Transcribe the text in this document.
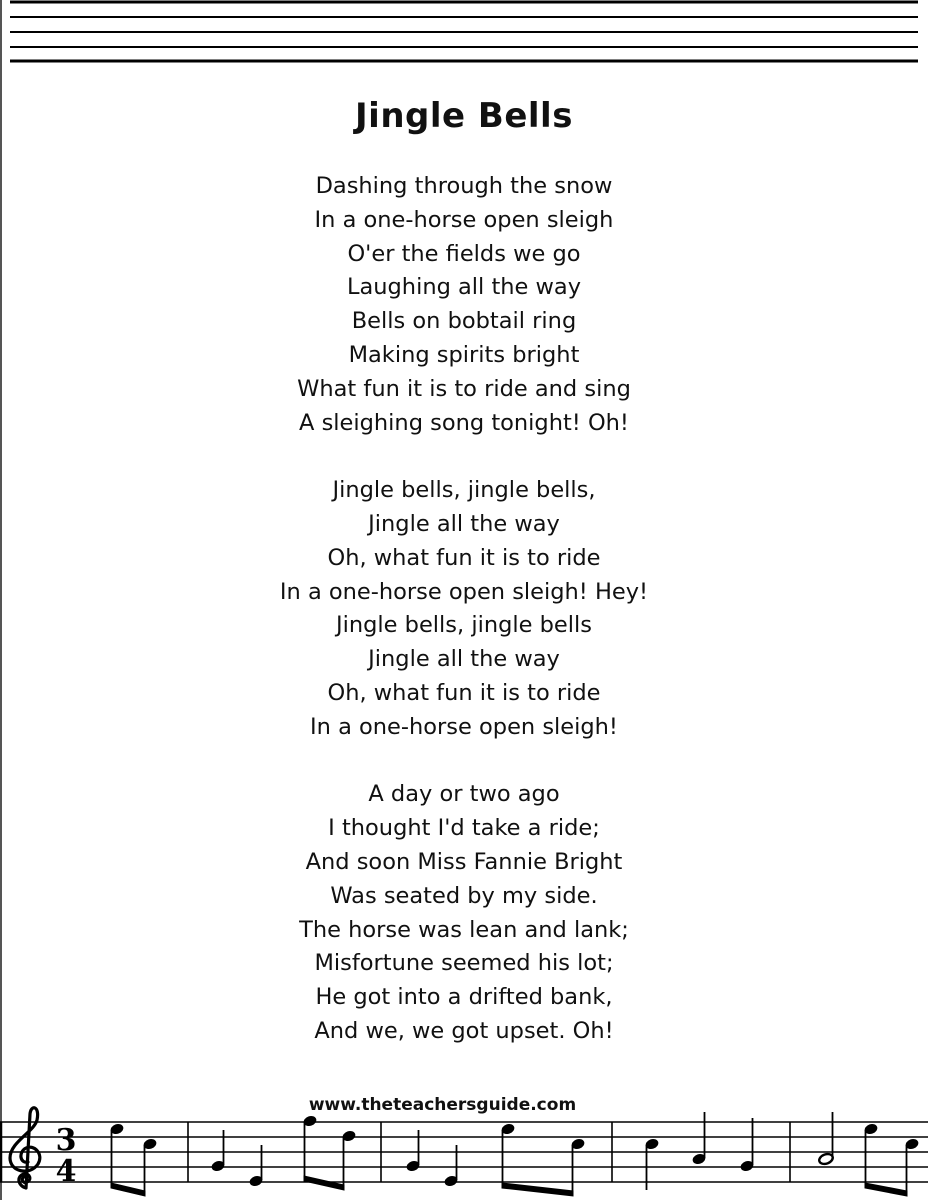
Jingle Bells
Dashing through the snow
In a one-horse open sleigh
O'er the fields we go
Laughing all the way
Bells on bobtail ring
Making spirits bright
What fun it is to ride and sing
A sleighing song tonight! Oh!
Jingle bells, jingle bells,
Jingle all the way
Oh, what fun it is to ride
In a one-horse open sleigh! Hey!
Jingle bells, jingle bells
Jingle all the way
Oh, what fun it is to ride
In a one-horse open sleigh!
A day or two ago
I thought I'd take a ride;
And soon Miss Fannie Bright
Was seated by my side.
The horse was lean and lank;
Misfortune seemed his lot;
He got into a drifted bank,
And we, we got upset. Oh!
3
4
www.theteachersguide.com
